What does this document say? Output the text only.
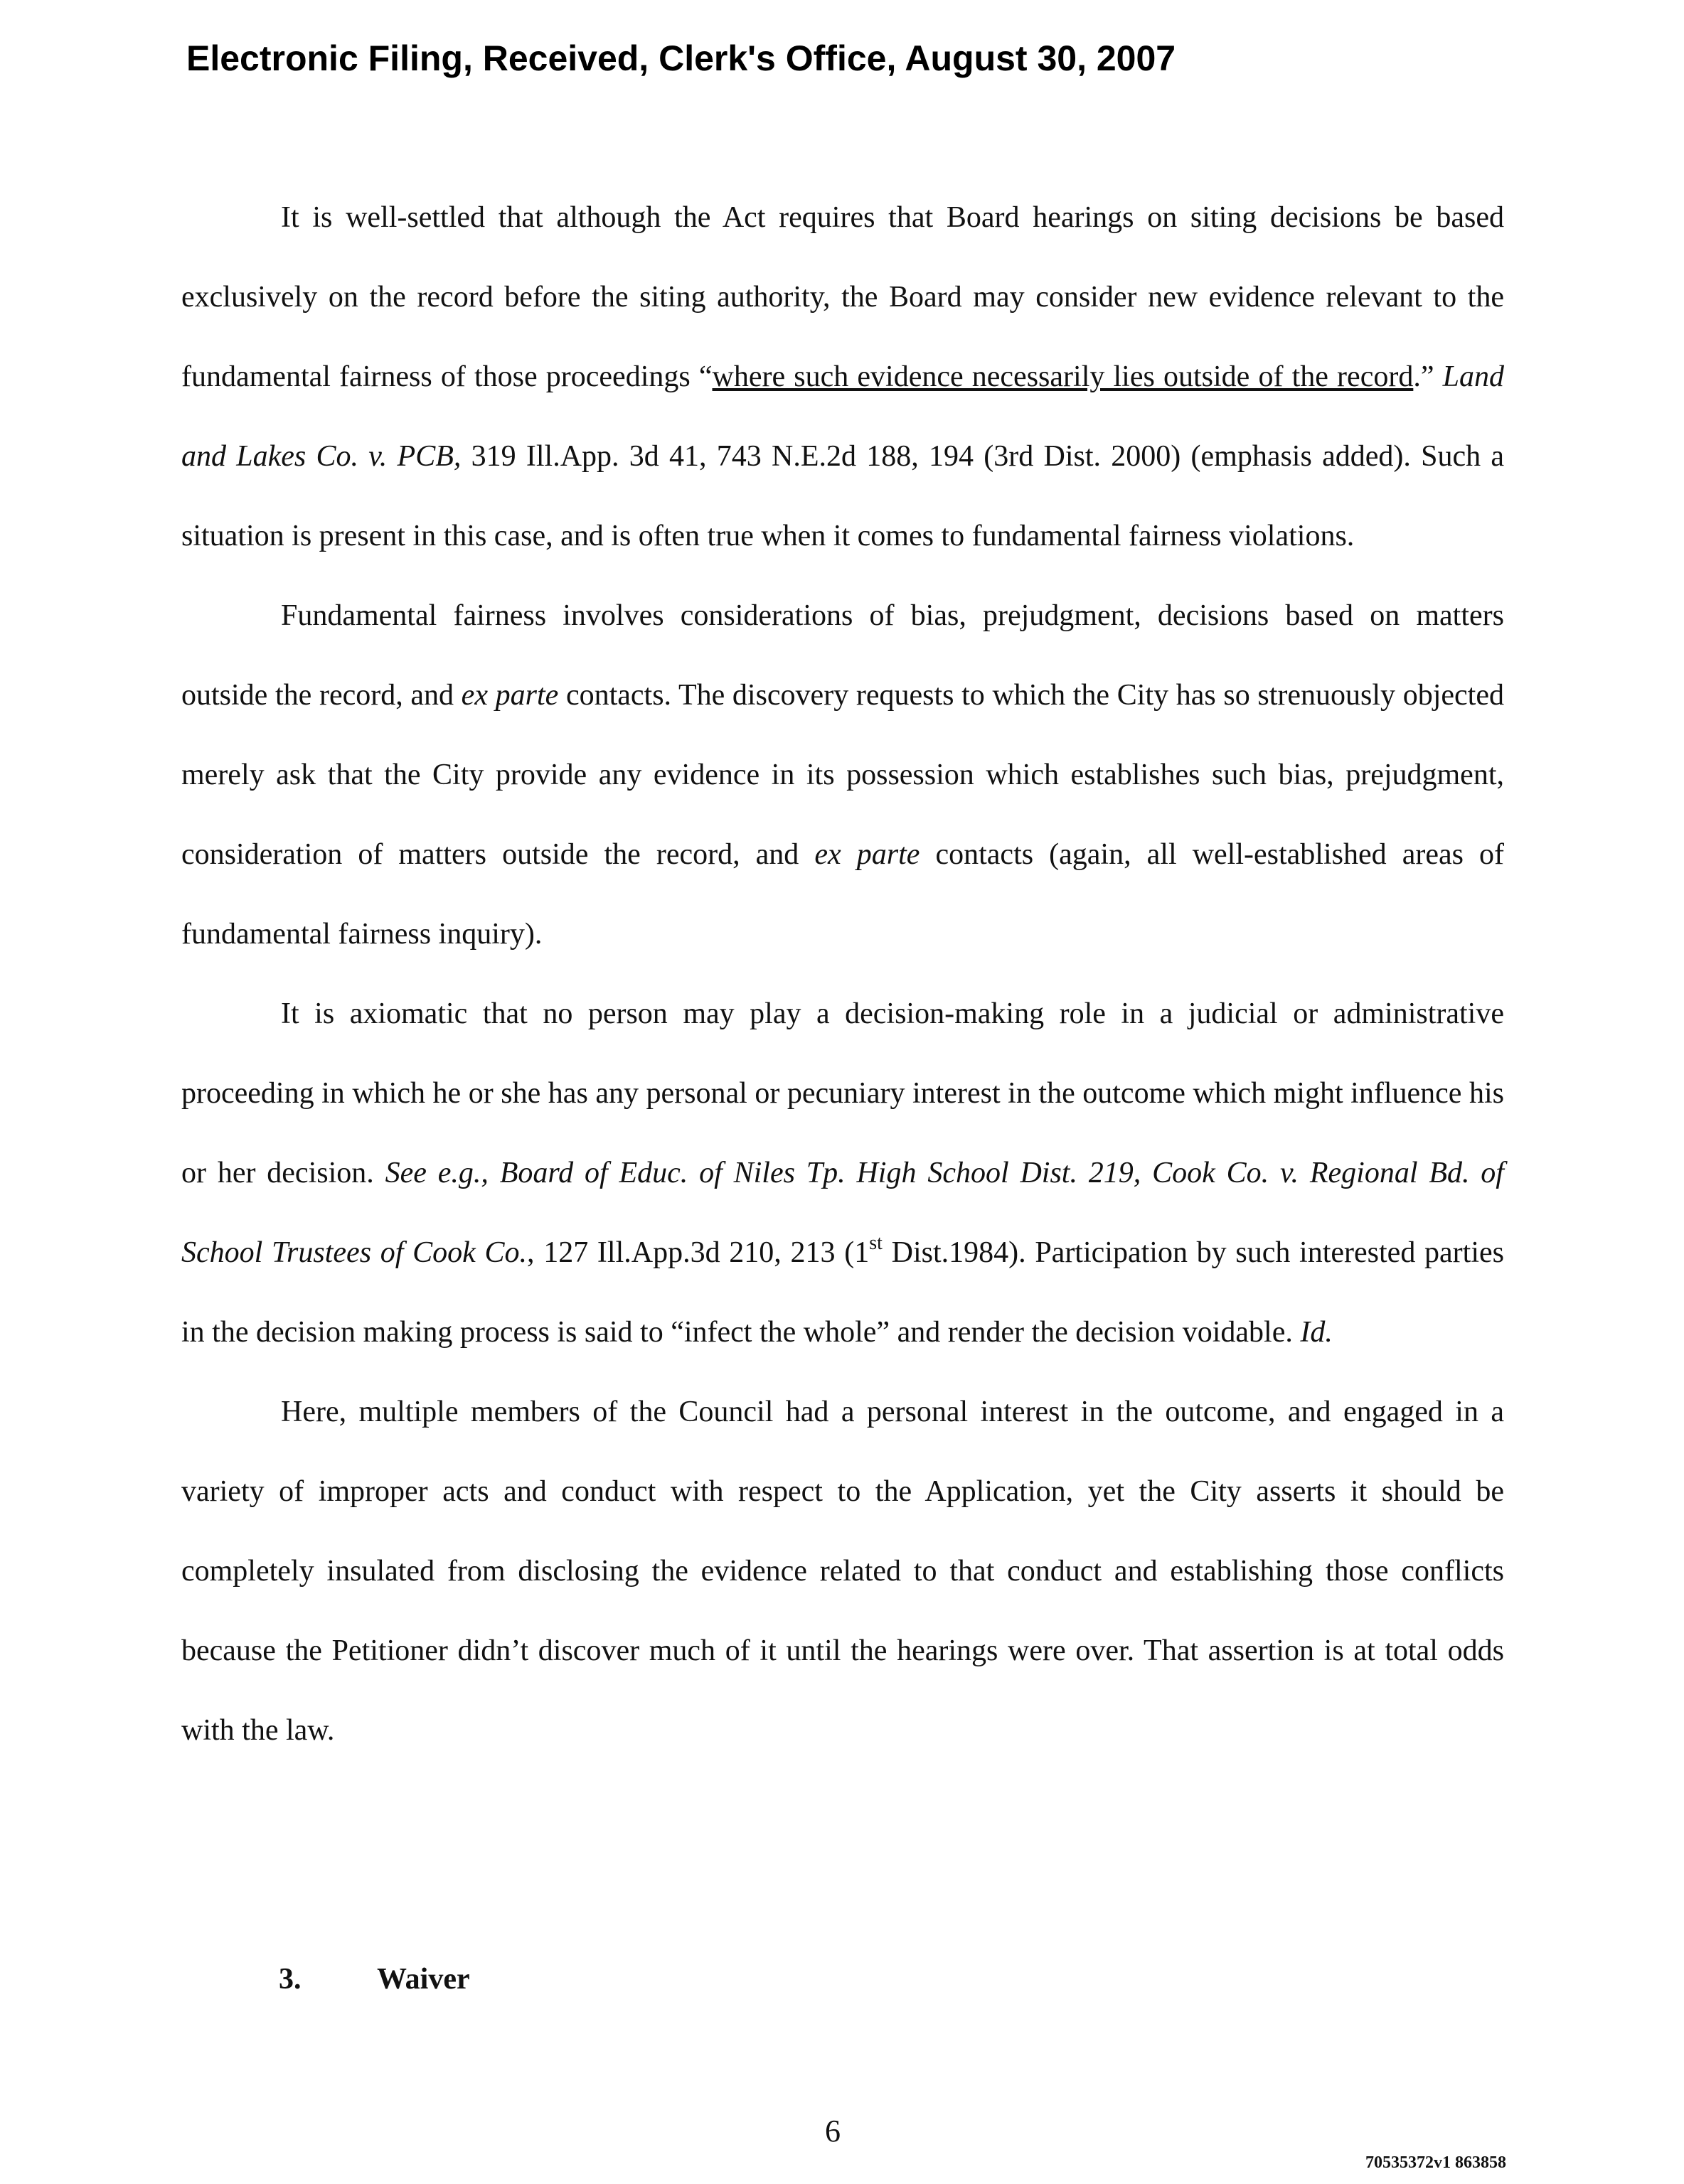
Electronic Filing, Received, Clerk's Office, August 30, 2007

It is well-settled that although the Act requires that Board hearings on siting decisions be based exclusively on the record before the siting authority, the Board may consider new evidence relevant to the fundamental fairness of those proceedings “where such evidence necessarily lies outside of the record.” Land and Lakes Co. v. PCB, 319 Ill.App. 3d 41, 743 N.E.2d 188, 194 (3rd Dist. 2000) (emphasis added). Such a situation is present in this case, and is often true when it comes to fundamental fairness violations.

Fundamental fairness involves considerations of bias, prejudgment, decisions based on matters outside the record, and ex parte contacts. The discovery requests to which the City has so strenuously objected merely ask that the City provide any evidence in its possession which establishes such bias, prejudgment, consideration of matters outside the record, and ex parte contacts (again, all well-established areas of fundamental fairness inquiry).

It is axiomatic that no person may play a decision-making role in a judicial or administrative proceeding in which he or she has any personal or pecuniary interest in the outcome which might influence his or her decision. See e.g., Board of Educ. of Niles Tp. High School Dist. 219, Cook Co. v. Regional Bd. of School Trustees of Cook Co., 127 Ill.App.3d 210, 213 (1st Dist.1984). Participation by such interested parties in the decision making process is said to “infect the whole” and render the decision voidable. Id.

Here, multiple members of the Council had a personal interest in the outcome, and engaged in a variety of improper acts and conduct with respect to the Application, yet the City asserts it should be completely insulated from disclosing the evidence related to that conduct and establishing those conflicts because the Petitioner didn’t discover much of it until the hearings were over. That assertion is at total odds with the law.

3.	Waiver
6
70535372v1 863858
